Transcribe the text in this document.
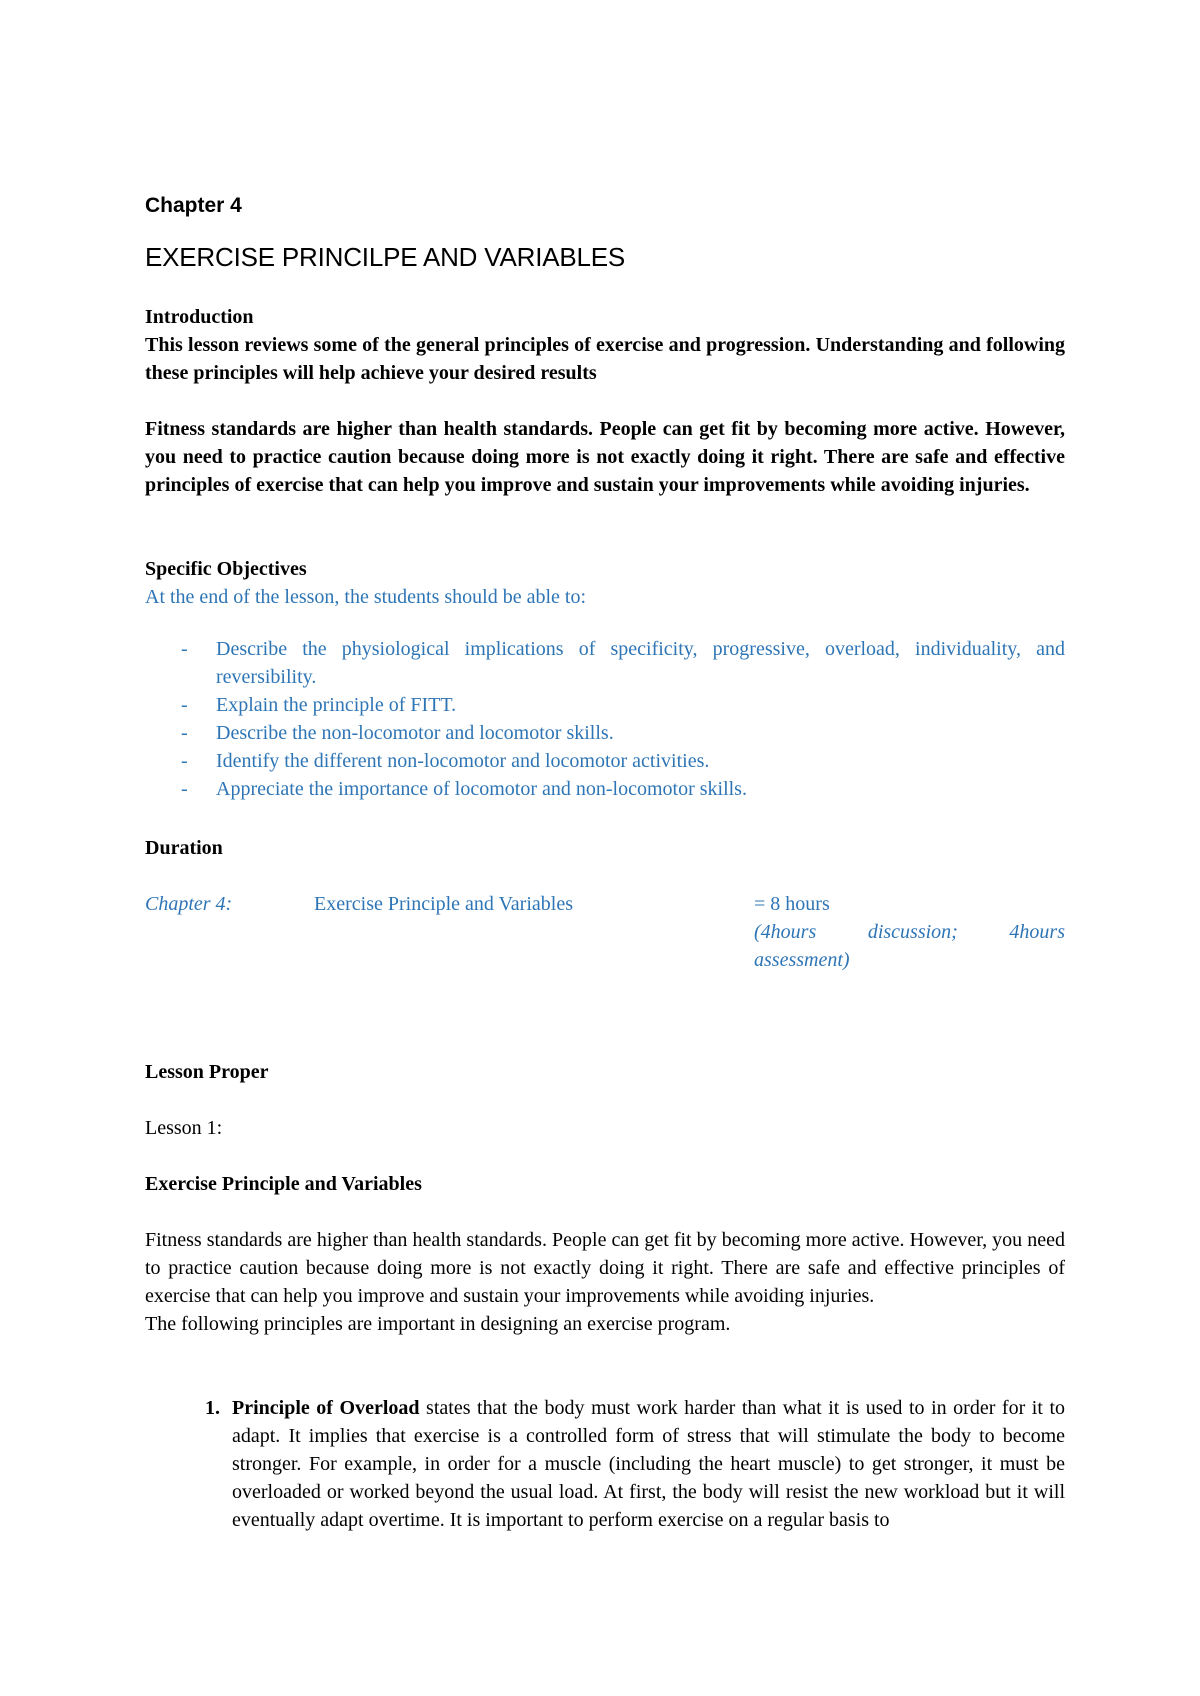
Chapter 4
EXERCISE PRINCILPE AND VARIABLES
Introduction
This lesson reviews some of the general principles of exercise and progression. Understanding and following these principles will help achieve your desired results
Fitness standards are higher than health standards. People can get fit by becoming more active. However, you need to practice caution because doing more is not exactly doing it right. There are safe and effective principles of exercise that can help you improve and sustain your improvements while avoiding injuries.
Specific Objectives
At the end of the lesson, the students should be able to:
- Describe the physiological implications of specificity, progressive, overload, individuality, and reversibility.
- Explain the principle of FITT.
- Describe the non-locomotor and locomotor skills.
- Identify the different non-locomotor and locomotor activities.
- Appreciate the importance of locomotor and non-locomotor skills.
Duration
Chapter 4:	Exercise Principle and Variables	= 8 hours
(4hours discussion; 4hours assessment)
Lesson Proper
Lesson 1:
Exercise Principle and Variables
Fitness standards are higher than health standards. People can get fit by becoming more active. However, you need to practice caution because doing more is not exactly doing it right. There are safe and effective principles of exercise that can help you improve and sustain your improvements while avoiding injuries.
The following principles are important in designing an exercise program.
1. Principle of Overload states that the body must work harder than what it is used to in order for it to adapt. It implies that exercise is a controlled form of stress that will stimulate the body to become stronger. For example, in order for a muscle (including the heart muscle) to get stronger, it must be overloaded or worked beyond the usual load. At first, the body will resist the new workload but it will eventually adapt overtime. It is important to perform exercise on a regular basis to
